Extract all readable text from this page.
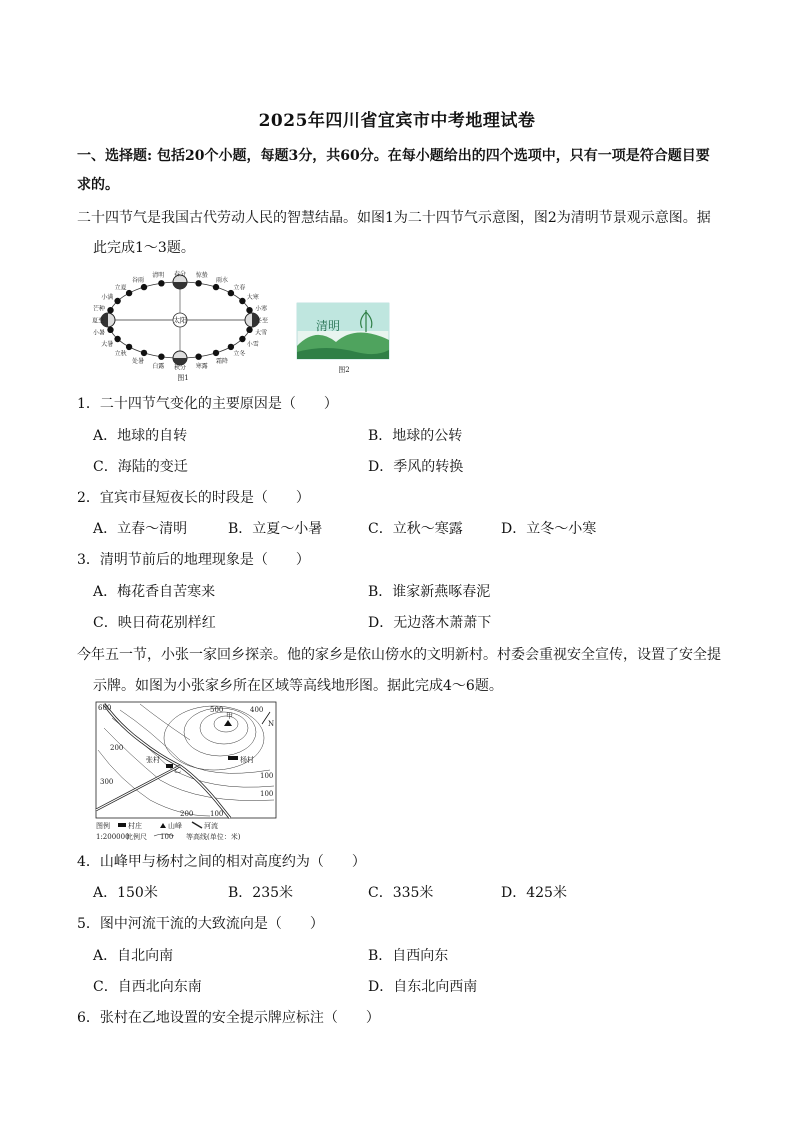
2025年四川省宜宾市中考地理试卷
一、选择题: 包括20个小题，每题3分，共60分。在每小题给出的四个选项中，只有一项是符合题目要
求的。
二十四节气是我国古代劳动人民的智慧结晶。如图1为二十四节气示意图，图2为清明节景观示意图。据
此完成1～3题。
太阳
春分
清明
谷雨
立夏
小满
芒种
夏至
小暑
大暑
立秋
处暑
白露 秋分 寒露
霜降
立冬
小雪
大雪
冬至
小寒
大寒
立春
雨水
惊蛰
图1
清明
图2
1．二十四节气变化的主要原因是（　　）
A．地球的自转	B．地球的公转
C．海陆的变迁	D．季风的转换
2．宜宾市昼短夜长的时段是（　　）
A．立春～清明	B．立夏～小暑	C．立秋～寒露	D．立冬～小寒
3．清明节前后的地理现象是（　　）
A．梅花香自苦寒来	B．谁家新燕啄春泥
C．映日荷花别样红	D．无边落木萧萧下
今年五一节，小张一家回乡探亲。他的家乡是依山傍水的文明新村。村委会重视安全宣传，设置了安全提
示牌。如图为小张家乡所在区域等高线地形图。据此完成4～6题。
600	500	400
300
200
100
100
100
200
甲
张村
乙
杨村
N
图例	村庄	山峰	河流
1:200000
比例尺 100 等高线(单位：米)
4．山峰甲与杨村之间的相对高度约为（　　）
A．150米	B．235米	C．335米	D．425米
5．图中河流干流的大致流向是（　　）
A．自北向南	B．自西向东
C．自西北向东南	D．自东北向西南
6．张村在乙地设置的安全提示牌应标注（　　）
